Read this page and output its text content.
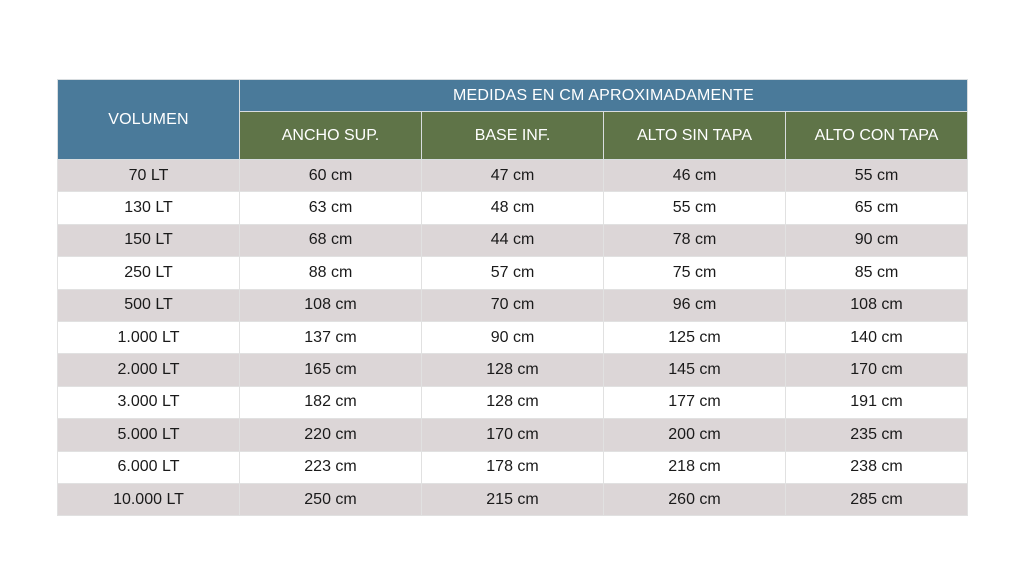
VOLUMEN	MEDIDAS EN CM APROXIMADAMENTE			
	ANCHO SUP.	BASE INF.	ALTO SIN TAPA	ALTO CON TAPA
70 LT	60 cm	47 cm	46 cm	55 cm
130 LT	63 cm	48 cm	55 cm	65 cm
150 LT	68 cm	44 cm	78 cm	90 cm
250 LT	88 cm	57 cm	75 cm	85 cm
500 LT	108 cm	70 cm	96 cm	108 cm
1.000 LT	137 cm	90 cm	125 cm	140 cm
2.000 LT	165 cm	128 cm	145 cm	170 cm
3.000 LT	182 cm	128 cm	177 cm	191 cm
5.000 LT	220 cm	170 cm	200 cm	235 cm
6.000 LT	223 cm	178 cm	218 cm	238 cm
10.000 LT	250 cm	215 cm	260 cm	285 cm
